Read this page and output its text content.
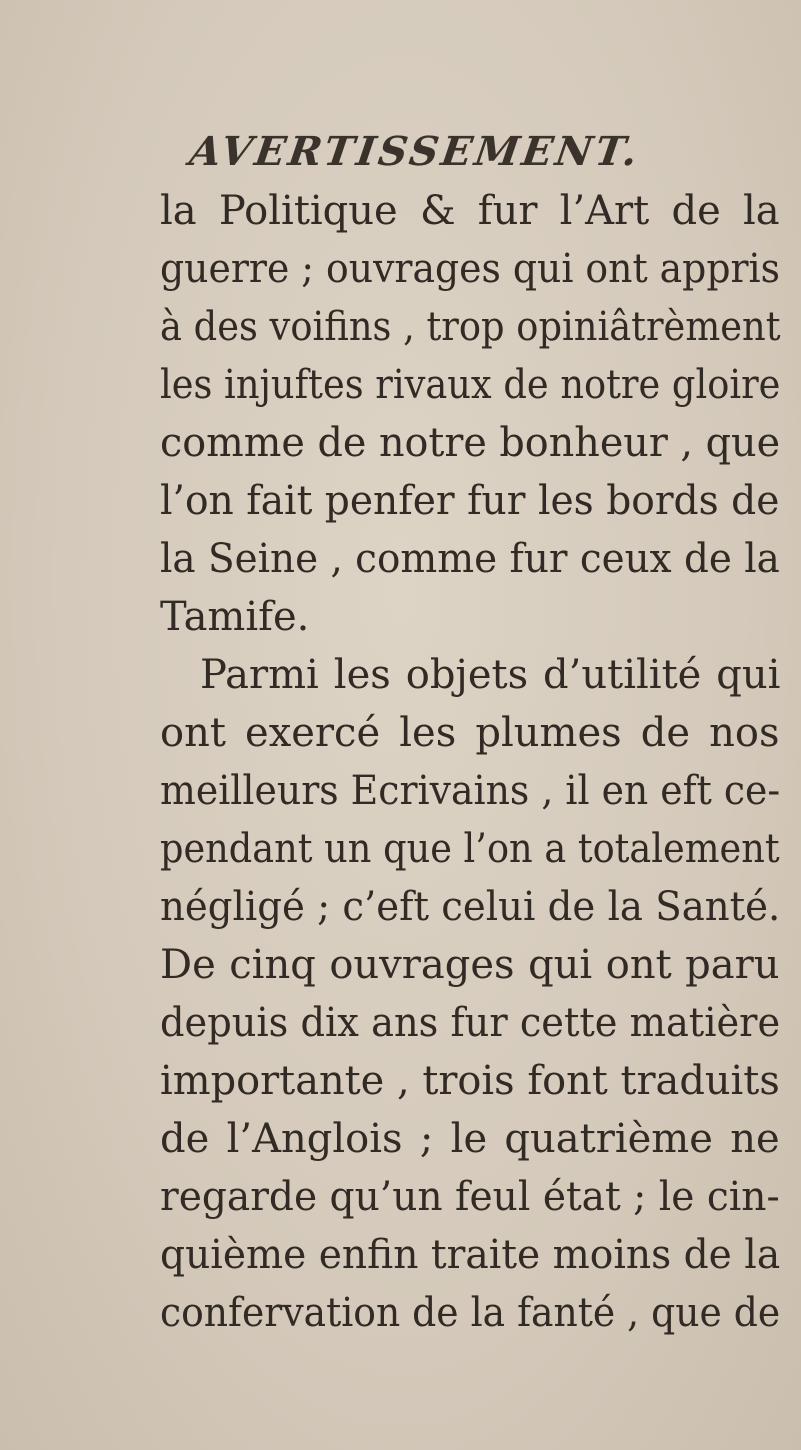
AVERTISSEMENT.
la Politique & fur l’Art de la
guerre ; ouvrages qui ont appris
à des voifins , trop opiniâtrèment
les injuftes rivaux de notre gloire
comme de notre bonheur , que
l’on fait penfer fur les bords de
la Seine , comme fur ceux de la
Tamife.
Parmi les objets d’utilité qui
ont exercé les plumes de nos
meilleurs Ecrivains , il en eft ce-
pendant un que l’on a totalement
négligé ; c’eft celui de la Santé.
De cinq ouvrages qui ont paru
depuis dix ans fur cette matière
importante , trois font traduits
de l’Anglois ; le quatrième ne
regarde qu’un feul état ; le cin-
quième enfin traite moins de la
confervation de la fanté , que de
